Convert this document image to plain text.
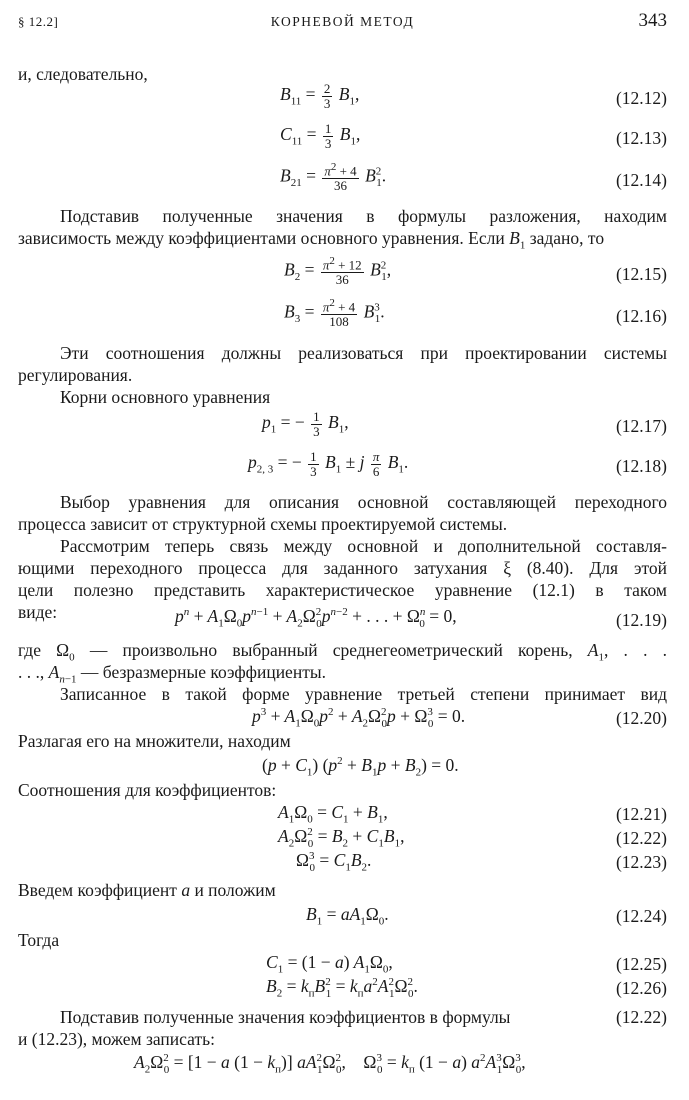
§ 12.2]	КОРНЕВОЙ МЕТОД	343
и, следовательно,
$B_{11} = \frac{2}{3} B_1$,	(12.12)
$C_{11} = \frac{1}{3} B_1$,	(12.13)
$B_{21} = \frac{\pi^2 + 4}{36} B^2_1$.	(12.14)
Подставив полученные значения в формулы разложения, находим
зависимость между коэффициентами основного уравнения. Если $B_1$ задано, то
$B_2 = \frac{\pi^2 + 12}{36} B^2_1$,	(12.15)
$B_3 = \frac{\pi^2 + 4}{108} B^3_1$.	(12.16)
Эти соотношения должны реализоваться при проектировании системы
регулирования.
Корни основного уравнения
$p_1$ = − $\frac{1}{3} B_1$,	(12.17)
$p_{2, 3}$ = − $\frac{1}{3} B_1 \pm j \frac{\pi}{6} B_1$.	(12.18)
Выбор уравнения для описания основной составляющей переходного
процесса зависит от структурной схемы проектируемой системы.
Рассмотрим теперь связь между основной и дополнительной составля-
ющими переходного процесса для заданного затухания ξ (8.40). Для этой
цели полезно представить характеристическое уравнение (12.1) в таком
виде:	$p^n + A_1\Omega_0p^{n-1} + A_2\Omega^2_0p^{n-2}$ + . . . + $\Omega^n_0 = 0$,	(12.19)
где $\Omega_0$ — произвольно выбранный среднегеометрический корень, $A_1$, . . .
. . ., $A_{n-1}$ — безразмерные коэффициенты.
Записанное в такой форме уравнение третьей степени принимает вид
$p^3 + A_1\Omega_0p^2 + A_2\Omega^2_0p + \Omega^3_0 = 0$.	(12.20)
Разлагая его на множители, находим
$(p + C_1)$ $(p^2 + B_1p + B_2) = 0$.
Соотношения для коэффициентов:
$A_1\Omega_0 = C_1 + B_1$,	(12.21)
$A_2\Omega^2_0 = B_2 + C_1B_1$,	(12.22)
$\Omega^3_0 = C_1B_2$.	(12.23)
Введем коэффициент a и положим
$B_1 = aA_1\Omega_0$.	(12.24)
Тогда
$C_1 = (1 - a)$ $A_1\Omega_0$,	(12.25)
$B_2 = k_пB^2_1 = k_пa^2A^2_1\Omega^2_0$.	(12.26)
Подставив полученные значения коэффициентов в формулы	(12.22)
и (12.23), можем записать:
$A_2\Omega^2_0 = [1 - a$ $(1 - k_п)$] $aA^2_1\Omega^2_0$, $\Omega^3_0 = k_п$ (1 − a) $a^2A^3_1\Omega^3_0$,
